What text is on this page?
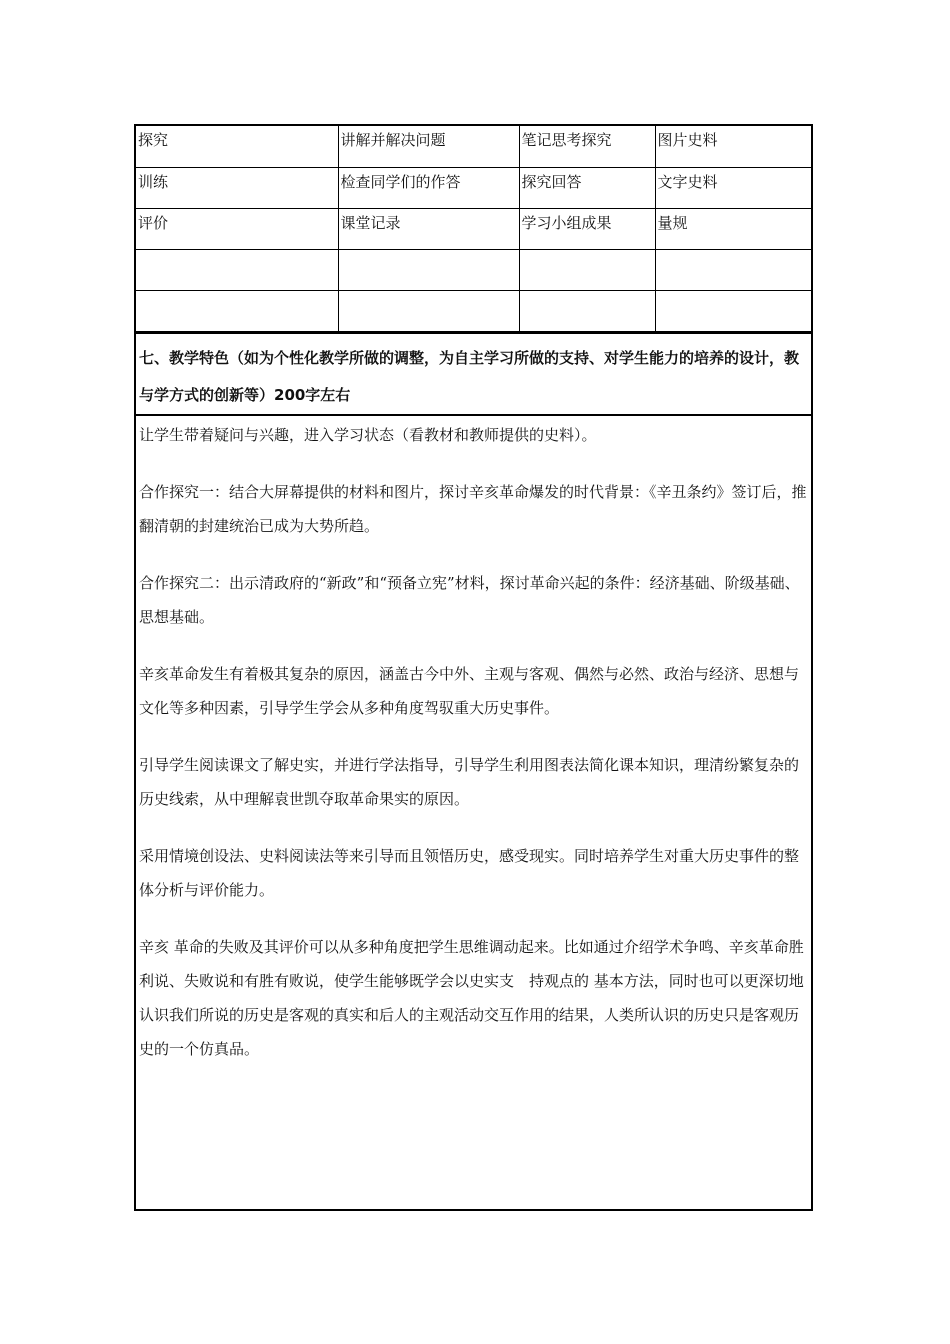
探究	讲解并解决问题	笔记思考探究	图片史料
训练	检查同学们的作答	探究回答	文字史料
评价	课堂记录	学习小组成果	量规

七、教学特色（如为个性化教学所做的调整，为自主学习所做的支持、对学生能力的培养的设计，教与学方式的创新等）200字左右

让学生带着疑问与兴趣，进入学习状态（看教材和教师提供的史料）。

合作探究一：结合大屏幕提供的材料和图片，探讨辛亥革命爆发的时代背景：《辛丑条约》签订后，推翻清朝的封建统治已成为大势所趋。

合作探究二：出示清政府的“新政”和“预备立宪”材料，探讨革命兴起的条件：经济基础、阶级基础、思想基础。

辛亥革命发生有着极其复杂的原因，涵盖古今中外、主观与客观、偶然与必然、政治与经济、思想与文化等多种因素，引导学生学会从多种角度驾驭重大历史事件。

引导学生阅读课文了解史实，并进行学法指导，引导学生利用图表法简化课本知识，理清纷繁复杂的历史线索，从中理解袁世凯夺取革命果实的原因。

采用情境创设法、史料阅读法等来引导而且领悟历史，感受现实。同时培养学生对重大历史事件的整体分析与评价能力。

辛亥 革命的失败及其评价可以从多种角度把学生思维调动起来。比如通过介绍学术争鸣、辛亥革命胜利说、失败说和有胜有败说，使学生能够既学会以史实支　持观点的 基本方法，同时也可以更深切地认识我们所说的历史是客观的真实和后人的主观活动交互作用的结果，人类所认识的历史只是客观历史的一个仿真品。
